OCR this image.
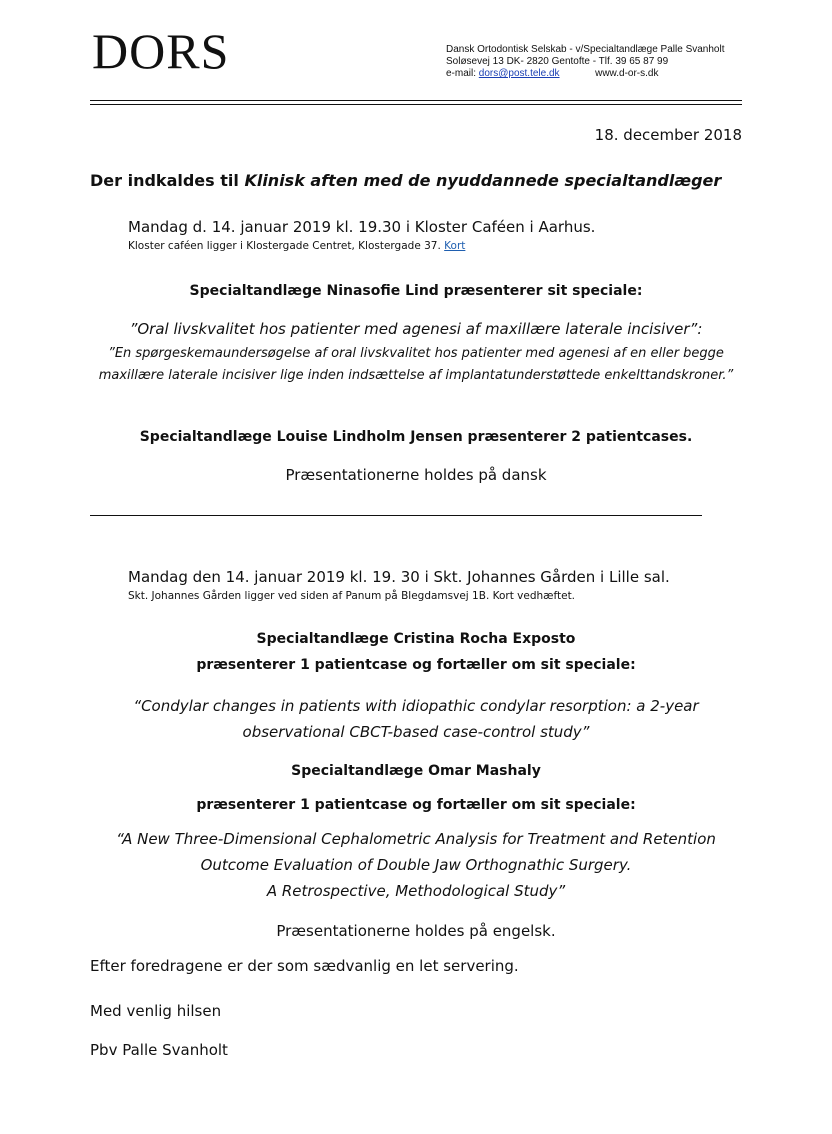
DORS	Dansk Ortodontisk Selskab - v/Specialtandlæge Palle Svanholt
Soløsevej 13 DK- 2820 Gentofte - Tlf. 39 65 87 99
e-mail: dors@post.tele.dk	www.d-or-s.dk
18. december 2018
Der indkaldes til Klinisk aften med de nyuddannede specialtandlæger
Mandag d. 14. januar 2019 kl. 19.30 i Kloster Caféen i Aarhus.
Kloster caféen ligger i Klostergade Centret, Klostergade 37. Kort
Specialtandlæge Ninasofie Lind præsenterer sit speciale:
”Oral livskvalitet hos patienter med agenesi af maxillære laterale incisiver”:
”En spørgeskemaundersøgelse af oral livskvalitet hos patienter med agenesi af en eller begge
maxillære laterale incisiver lige inden indsættelse af implantatunderstøttede enkelttandskroner.”
Specialtandlæge Louise Lindholm Jensen præsenterer 2 patientcases.
Præsentationerne holdes på dansk
Mandag den 14. januar 2019 kl. 19. 30 i Skt. Johannes Gården i Lille sal.
Skt. Johannes Gården ligger ved siden af Panum på Blegdamsvej 1B. Kort vedhæftet.
Specialtandlæge Cristina Rocha Exposto
præsenterer 1 patientcase og fortæller om sit speciale:
“Condylar changes in patients with idiopathic condylar resorption: a 2-year
observational CBCT-based case-control study”
Specialtandlæge Omar Mashaly
præsenterer 1 patientcase og fortæller om sit speciale:
“A New Three-Dimensional Cephalometric Analysis for Treatment and Retention
Outcome Evaluation of Double Jaw Orthognathic Surgery.
A Retrospective, Methodological Study”
Præsentationerne holdes på engelsk.
Efter foredragene er der som sædvanlig en let servering.
Med venlig hilsen
Pbv Palle Svanholt
